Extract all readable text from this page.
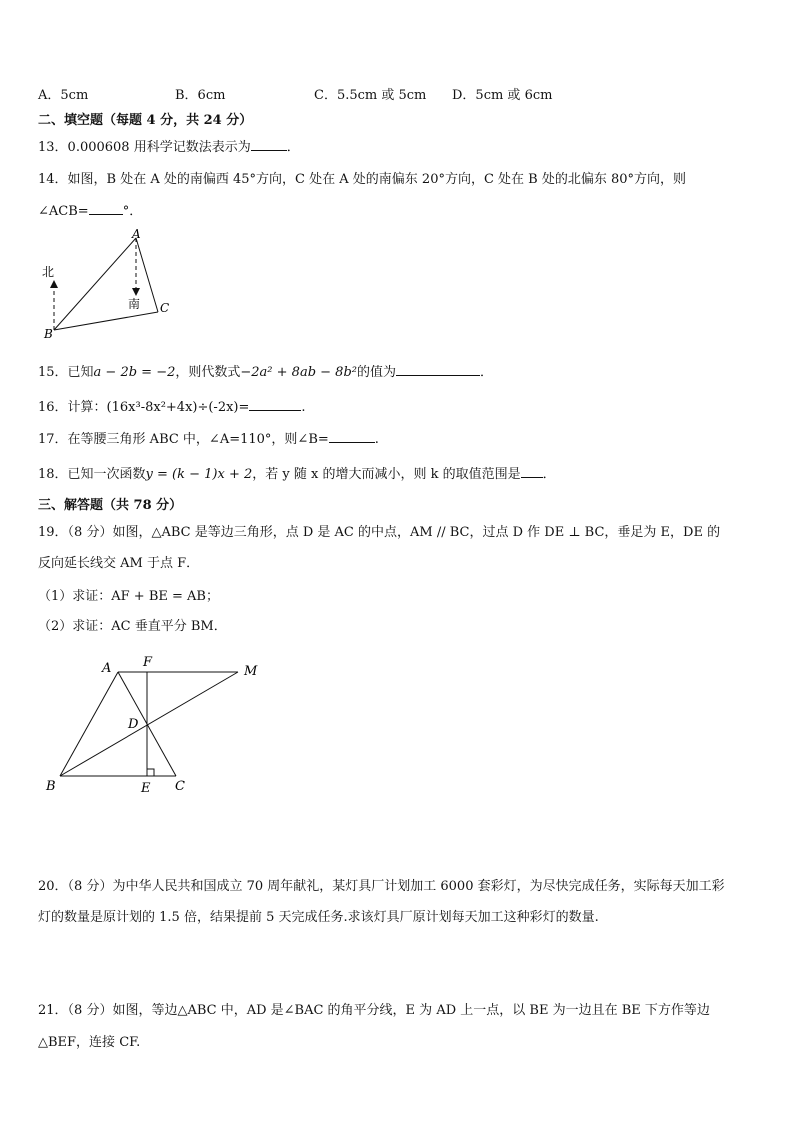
A．5cm	B．6cm	C．5.5cm 或 5cm D．5cm 或 6cm
二、填空题（每题 4 分，共 24 分）
13．0.000608 用科学记数法表示为	．
14．如图，B 处在 A 处的南偏西 45°方向，C 处在 A 处的南偏东 20°方向，C 处在 B 处的北偏东 80°方向，则
∠ACB=	°．
A
B
C
北
南
15．已知a − 2b = −2，则代数式−2a² + 8ab − 8b²的值为	．
16．计算：(16x³-8x²+4x)÷(-2x)=	.
17．在等腰三角形 ABC 中，∠A=110°，则∠B=	.
18．已知一次函数y = (k − 1)x + 2，若 y 随 x 的增大而减小，则 k 的取值范围是 ．
三、解答题（共 78 分）
19．（8 分）如图，△ABC 是等边三角形，点 D 是 AC 的中点，AM // BC，过点 D 作 DE ⊥ BC，垂足为 E，DE 的
反向延长线交 AM 于点 F．
（1）求证：AF + BE = AB；
（2）求证：AC 垂直平分 BM．
A F
M
D
B	E C
20．（8 分）为中华人民共和国成立 70 周年献礼，某灯具厂计划加工 6000 套彩灯，为尽快完成任务，实际每天加工彩
灯的数量是原计划的 1.5 倍，结果提前 5 天完成任务.求该灯具厂原计划每天加工这种彩灯的数量.
21．（8 分）如图，等边△ABC 中，AD 是∠BAC 的角平分线，E 为 AD 上一点，以 BE 为一边且在 BE 下方作等边
△BEF，连接 CF.
